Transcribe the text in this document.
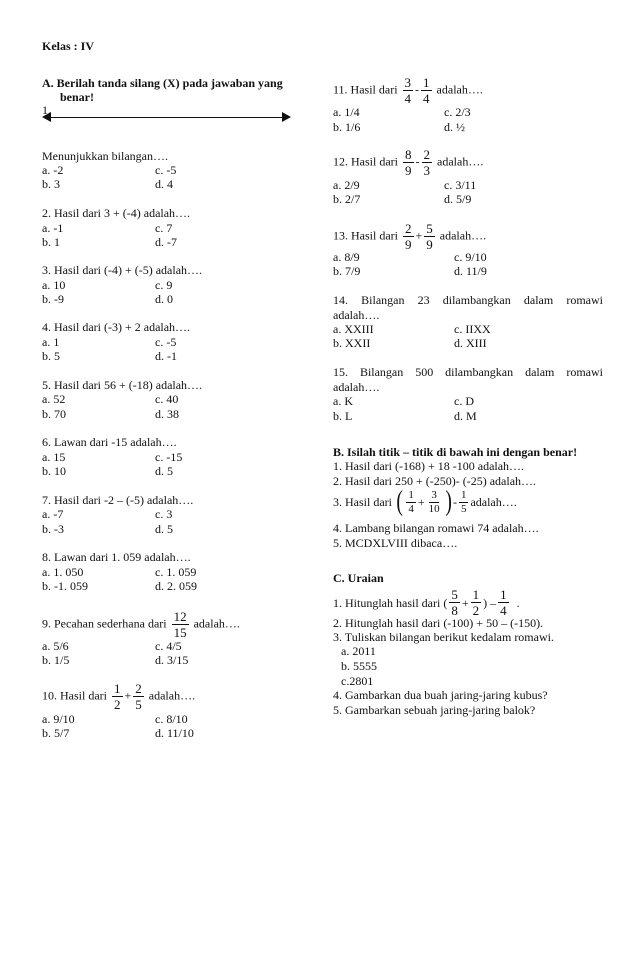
Kelas : IV
A. Berilah tanda silang (X) pada jawaban yang
benar!
1.
Menunjukkan bilangan….
a. -2	c. -5
b. 3	d. 4
2. Hasil dari 3 + (-4) adalah….
a. -1	c. 7
b. 1	d. -7
3. Hasil dari (-4) + (-5) adalah….
a. 10	c. 9
b. -9	d. 0
4. Hasil dari (-3) + 2 adalah….
a. 1	c. -5
b. 5	d. -1
5. Hasil dari 56 + (-18) adalah….
a. 52	c. 40
b. 70	d. 38
6. Lawan dari -15 adalah….
a. 15	c. -15
b. 10	d. 5
7. Hasil dari -2 – (-5) adalah….
a. -7	c. 3
b. -3	d. 5
8. Lawan dari 1. 059 adalah….
a. 1. 050	c. 1. 059
b. -1. 059	d. 2. 059
9. Pecahan sederhana dari $\frac{12}{15}$ adalah….
a. 5/6	c. 4/5
b. 1/5	d. 3/15
10. Hasil dari $\frac{1}{2} + \frac{2}{5}$ adalah….
a. 9/10	c. 8/10
b. 5/7	d. 11/10
11. Hasil dari $\frac{3}{4} - \frac{1}{4}$ adalah….
a. 1/4	c. 2/3
b. 1/6	d. ½
12. Hasil dari $\frac{8}{9} - \frac{2}{3}$ adalah….
a. 2/9	c. 3/11
b. 2/7	d. 5/9
13. Hasil dari $\frac{2}{9} + \frac{5}{9}$ adalah….
a. 8/9	c. 9/10
b. 7/9	d. 11/9
14. Bilangan 23 dilambangkan dalam romawi
adalah….
a. XXIII	c. IIXX
b. XXII	d. XIII
15. Bilangan 500 dilambangkan dalam romawi
adalah….
a. K	c. D
b. L	d. M
B. Isilah titik – titik di bawah ini dengan benar!
1. Hasil dari (-168) + 18 -100 adalah….
2. Hasil dari 250 + (-250)- (-25) adalah….
3. Hasil dari ( $\frac{1}{4} + \frac{3}{10}$ ) - $\frac{1}{5}$ adalah….
4. Lambang bilangan romawi 74 adalah….
5. MCDXLVIII dibaca….
C. Uraian
1. Hitunglah hasil dari ( $\frac{5}{8} + \frac{1}{2}$ ) – $\frac{1}{4}$ .
2. Hitunglah hasil dari (-100) + 50 – (-150).
3. Tuliskan bilangan berikut kedalam romawi.
a. 2011
b. 5555
c.2801
4. Gambarkan dua buah jaring-jaring kubus?
5. Gambarkan sebuah jaring-jaring balok?
